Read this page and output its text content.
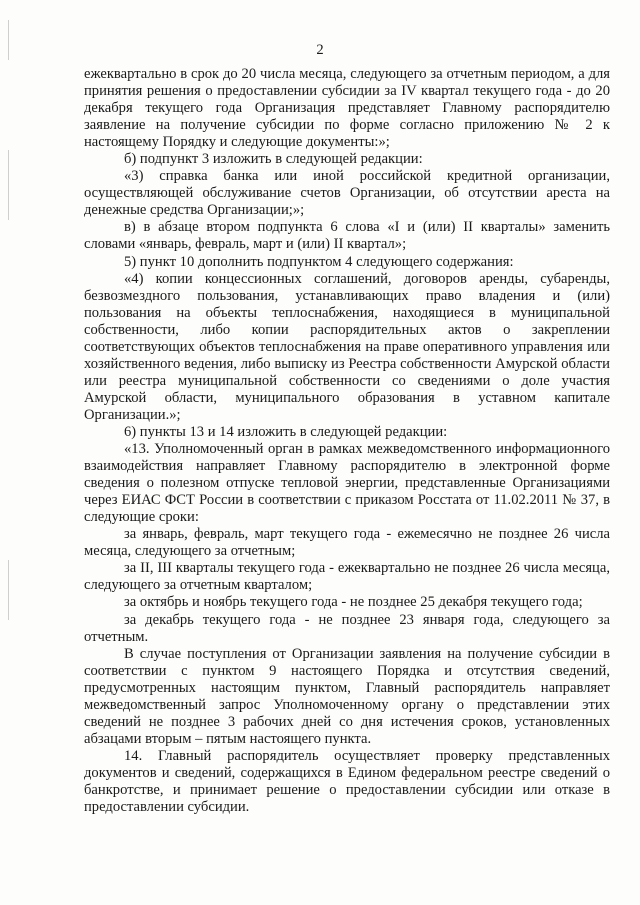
2

ежеквартально в срок до 20 числа месяца, следующего за отчетным периодом, а для принятия решения о предоставлении субсидии за IV квартал текущего года - до 20 декабря текущего года Организация представляет Главному распорядителю заявление на получение субсидии по форме согласно приложению № 2 к настоящему Порядку и следующие документы:»;

б) подпункт 3 изложить в следующей редакции:

«3) справка банка или иной российской кредитной организации, осуществляющей обслуживание счетов Организации, об отсутствии ареста на денежные средства Организации;»;

в) в абзаце втором подпункта 6 слова «I и (или) II кварталы» заменить словами «январь, февраль, март и (или) II квартал»;

5) пункт 10 дополнить подпунктом 4 следующего содержания:

«4) копии концессионных соглашений, договоров аренды, субаренды, безвозмездного пользования, устанавливающих право владения и (или) пользования на объекты теплоснабжения, находящиеся в муниципальной собственности, либо копии распорядительных актов о закреплении соответствующих объектов теплоснабжения на праве оперативного управления или хозяйственного ведения, либо выписку из Реестра собственности Амурской области или реестра муниципальной собственности со сведениями о доле участия Амурской области, муниципального образования в уставном капитале Организации.»;

6) пункты 13 и 14 изложить в следующей редакции:

«13. Уполномоченный орган в рамках межведомственного информационного взаимодействия направляет Главному распорядителю в электронной форме сведения о полезном отпуске тепловой энергии, представленные Организациями через ЕИАС ФСТ России в соответствии с приказом Росстата от 11.02.2011 № 37, в следующие сроки:

за январь, февраль, март текущего года - ежемесячно не позднее 26 числа месяца, следующего за отчетным;

за II, III кварталы текущего года - ежеквартально не позднее 26 числа месяца, следующего за отчетным кварталом;

за октябрь и ноябрь текущего года - не позднее 25 декабря текущего года;

за декабрь текущего года - не позднее 23 января года, следующего за отчетным.

В случае поступления от Организации заявления на получение субсидии в соответствии с пунктом 9 настоящего Порядка и отсутствия сведений, предусмотренных настоящим пунктом, Главный распорядитель направляет межведомственный запрос Уполномоченному органу о представлении этих сведений не позднее 3 рабочих дней со дня истечения сроков, установленных абзацами вторым – пятым настоящего пункта.

14. Главный распорядитель осуществляет проверку представленных документов и сведений, содержащихся в Едином федеральном реестре сведений о банкротстве, и принимает решение о предоставлении субсидии или отказе в предоставлении субсидии.
